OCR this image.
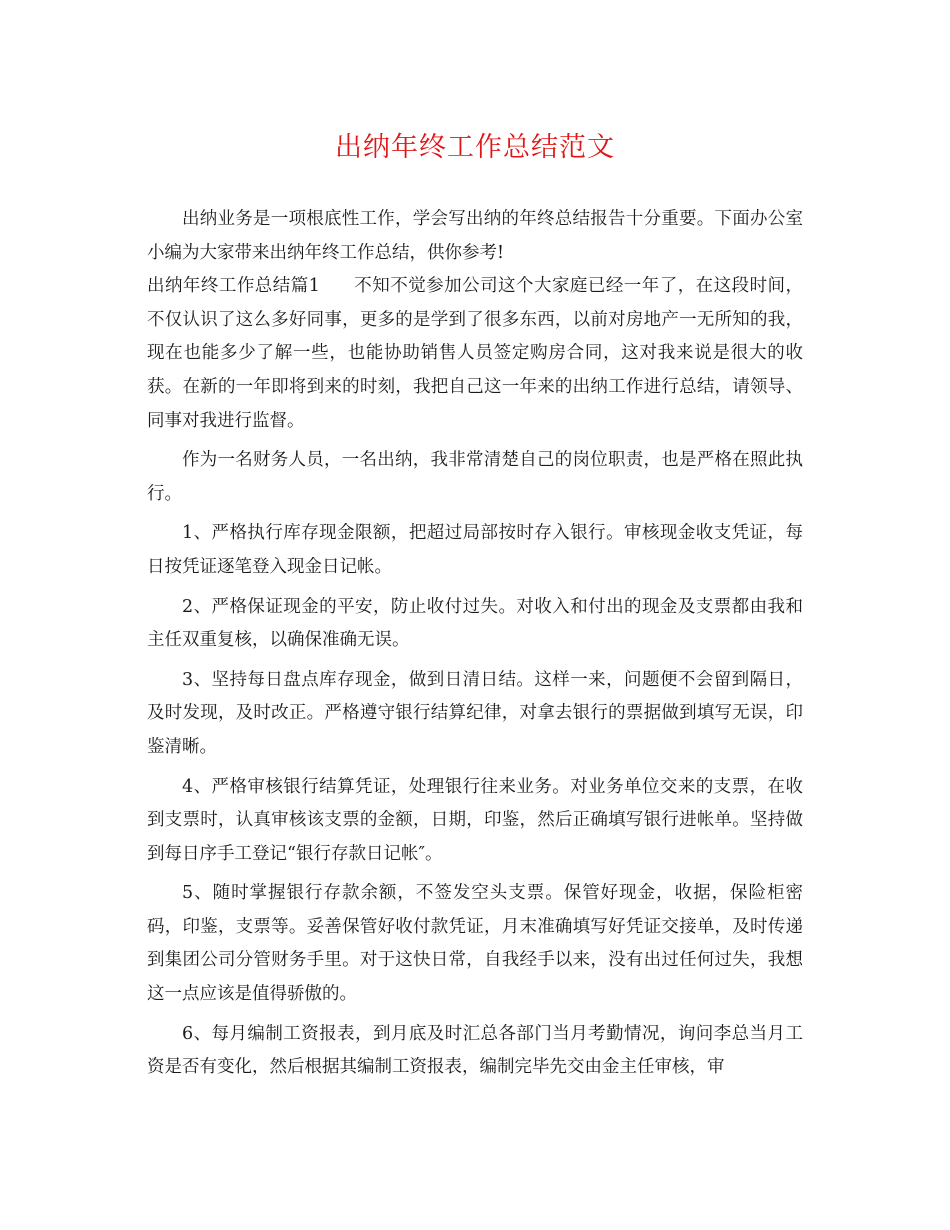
出纳年终工作总结范文

出纳业务是一项根底性工作，学会写出纳的年终总结报告十分重要。下面办公室小编为大家带来出纳年终工作总结，供你参考!

出纳年终工作总结篇1 不知不觉参加公司这个大家庭已经一年了，在这段时间，不仅认识了这么多好同事，更多的是学到了很多东西，以前对房地产一无所知的我，现在也能多少了解一些，也能协助销售人员签定购房合同，这对我来说是很大的收获。在新的一年即将到来的时刻，我把自己这一年来的出纳工作进行总结，请领导、同事对我进行监督。

作为一名财务人员，一名出纳，我非常清楚自己的岗位职责，也是严格在照此执行。

1、严格执行库存现金限额，把超过局部按时存入银行。审核现金收支凭证，每日按凭证逐笔登入现金日记帐。

2、严格保证现金的平安，防止收付过失。对收入和付出的现金及支票都由我和主任双重复核，以确保准确无误。

3、坚持每日盘点库存现金，做到日清日结。这样一来，问题便不会留到隔日，及时发现，及时改正。严格遵守银行结算纪律，对拿去银行的票据做到填写无误，印鉴清晰。

4、严格审核银行结算凭证，处理银行往来业务。对业务单位交来的支票，在收到支票时，认真审核该支票的金额，日期，印鉴，然后正确填写银行进帐单。坚持做到每日序手工登记“银行存款日记帐″。

5、随时掌握银行存款余额，不签发空头支票。保管好现金，收据，保险柜密码，印鉴，支票等。妥善保管好收付款凭证，月末准确填写好凭证交接单，及时传递到集团公司分管财务手里。对于这快日常，自我经手以来，没有出过任何过失，我想这一点应该是值得骄傲的。

6、每月编制工资报表，到月底及时汇总各部门当月考勤情况，询问李总当月工资是否有变化，然后根据其编制工资报表，编制完毕先交由金主任审核，审
